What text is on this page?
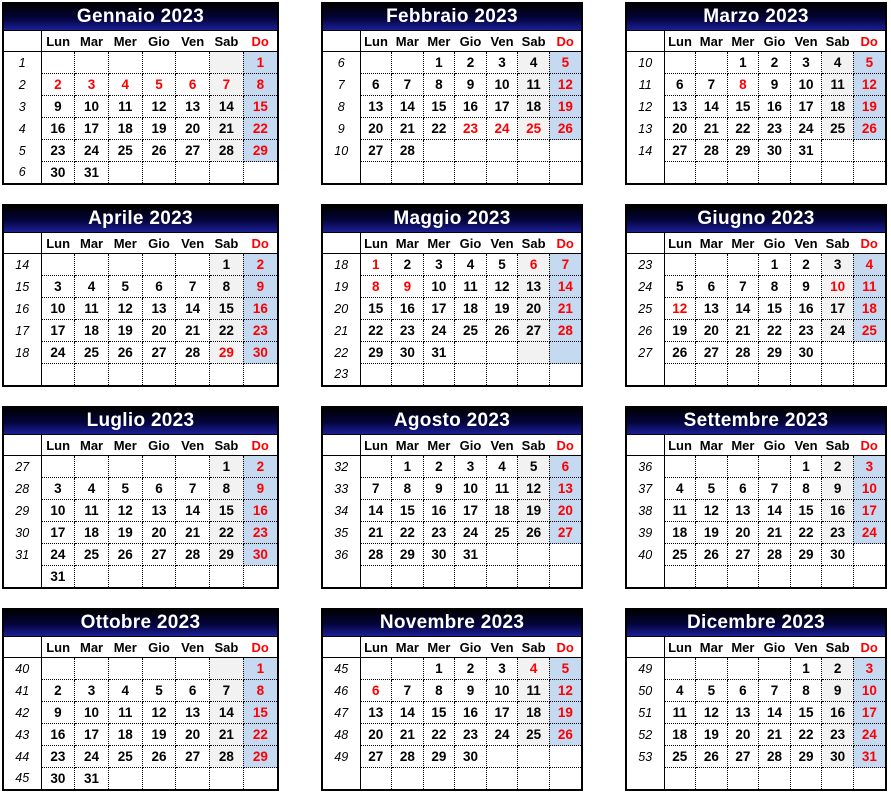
Gennaio 2023
	Lun	Mar	Mer	Gio	Ven	Sab	Do
1							1
2	2	3	4	5	6	7	8
3	9	10	11	12	13	14	15
4	16	17	18	19	20	21	22
5	23	24	25	26	27	28	29
6	30	31					
Febbraio 2023
	Lun	Mar	Mer	Gio	Ven	Sab	Do
6			1	2	3	4	5
7	6	7	8	9	10	11	12
8	13	14	15	16	17	18	19
9	20	21	22	23	24	25	26
10	27	28					

Marzo 2023
	Lun	Mar	Mer	Gio	Ven	Sab	Do
10			1	2	3	4	5
11	6	7	8	9	10	11	12
12	13	14	15	16	17	18	19
13	20	21	22	23	24	25	26
14	27	28	29	30	31		

Aprile 2023
	Lun	Mar	Mer	Gio	Ven	Sab	Do
14						1	2
15	3	4	5	6	7	8	9
16	10	11	12	13	14	15	16
17	17	18	19	20	21	22	23
18	24	25	26	27	28	29	30

Maggio 2023
	Lun	Mar	Mer	Gio	Ven	Sab	Do
18	1	2	3	4	5	6	7
19	8	9	10	11	12	13	14
20	15	16	17	18	19	20	21
21	22	23	24	25	26	27	28
22	29	30	31				
23							
Giugno 2023
	Lun	Mar	Mer	Gio	Ven	Sab	Do
23				1	2	3	4
24	5	6	7	8	9	10	11
25	12	13	14	15	16	17	18
26	19	20	21	22	23	24	25
27	26	27	28	29	30		

Luglio 2023
	Lun	Mar	Mer	Gio	Ven	Sab	Do
27						1	2
28	3	4	5	6	7	8	9
29	10	11	12	13	14	15	16
30	17	18	19	20	21	22	23
31	24	25	26	27	28	29	30
	31						
Agosto 2023
	Lun	Mar	Mer	Gio	Ven	Sab	Do
32		1	2	3	4	5	6
33	7	8	9	10	11	12	13
34	14	15	16	17	18	19	20
35	21	22	23	24	25	26	27
36	28	29	30	31			

Settembre 2023
	Lun	Mar	Mer	Gio	Ven	Sab	Do
36					1	2	3
37	4	5	6	7	8	9	10
38	11	12	13	14	15	16	17
39	18	19	20	21	22	23	24
40	25	26	27	28	29	30	

Ottobre 2023
	Lun	Mar	Mer	Gio	Ven	Sab	Do
40							1
41	2	3	4	5	6	7	8
42	9	10	11	12	13	14	15
43	16	17	18	19	20	21	22
44	23	24	25	26	27	28	29
45	30	31					
Novembre 2023
	Lun	Mar	Mer	Gio	Ven	Sab	Do
45			1	2	3	4	5
46	6	7	8	9	10	11	12
47	13	14	15	16	17	18	19
48	20	21	22	23	24	25	26
49	27	28	29	30			

Dicembre 2023
	Lun	Mar	Mer	Gio	Ven	Sab	Do
49					1	2	3
50	4	5	6	7	8	9	10
51	11	12	13	14	15	16	17
52	18	19	20	21	22	23	24
53	25	26	27	28	29	30	31
